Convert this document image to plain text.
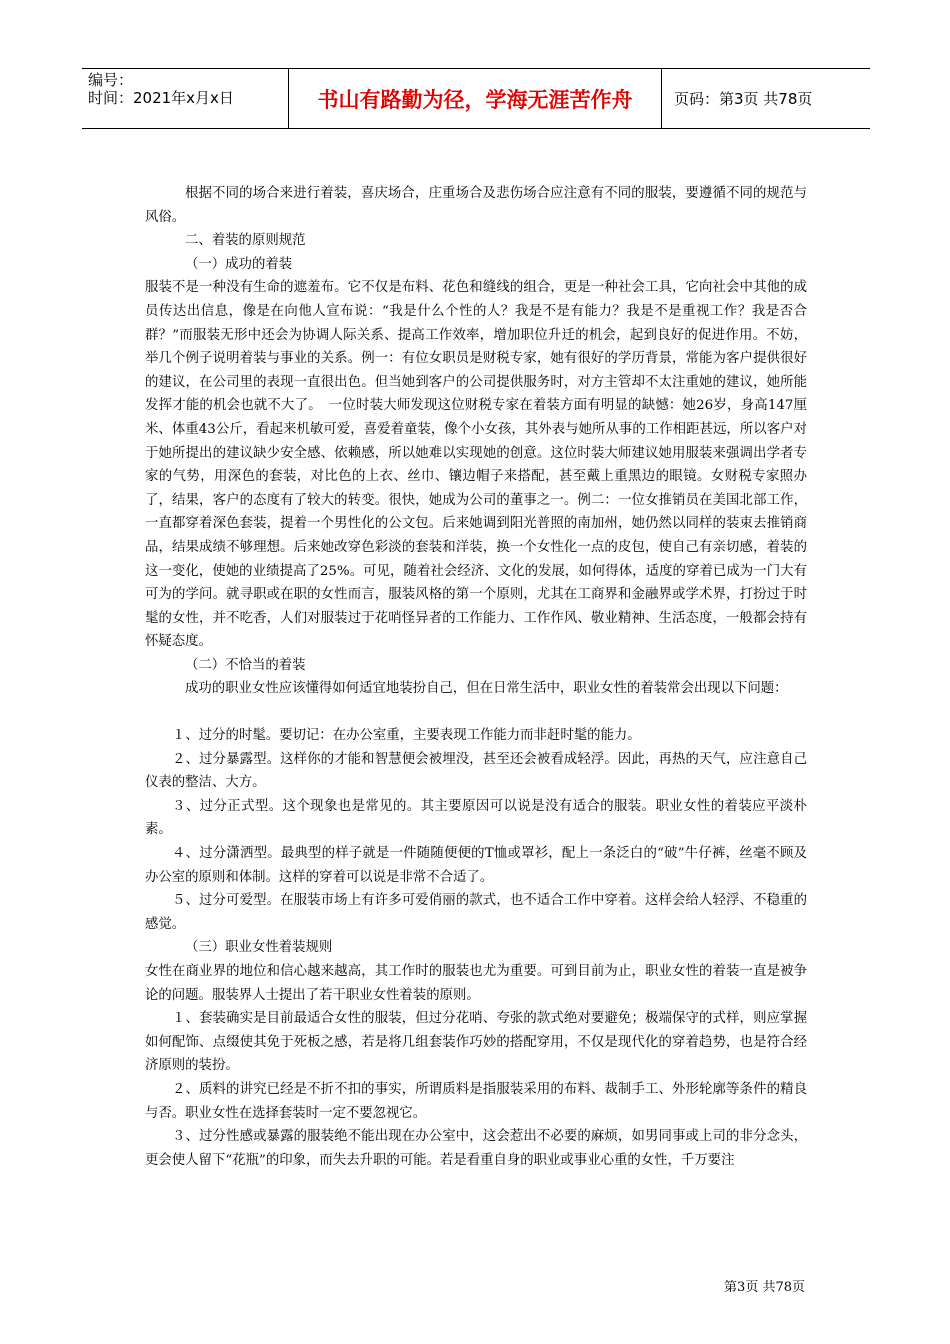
编号：
时间：2021年x月x日	书山有路勤为径，学海无涯苦作舟	页码：第3页 共78页

根据不同的场合来进行着装，喜庆场合，庄重场合及悲伤场合应注意有不同的服装，要遵循不同的规范与风俗。

二、着装的原则规范

（一）成功的着装

服装不是一种没有生命的遮羞布。它不仅是布料、花色和缝线的组合，更是一种社会工具，它向社会中其他的成员传达出信息，像是在向他人宣布说：“我是什么个性的人？我是不是有能力？我是不是重视工作？我是否合群？”而服装无形中还会为协调人际关系、提高工作效率，增加职位升迁的机会，起到良好的促进作用。不妨，举几个例子说明着装与事业的关系。例一：有位女职员是财税专家，她有很好的学历背景，常能为客户提供很好的建议，在公司里的表现一直很出色。但当她到客户的公司提供服务时，对方主管却不太注重她的建议，她所能发挥才能的机会也就不大了。　一位时装大师发现这位财税专家在着装方面有明显的缺憾：她26岁，身高147厘米、体重43公斤，看起来机敏可爱，喜爱着童装，像个小女孩，其外表与她所从事的工作相距甚远，所以客户对于她所提出的建议缺少安全感、依赖感，所以她难以实现她的创意。这位时装大师建议她用服装来强调出学者专家的气势，用深色的套装，对比色的上衣、丝巾、镶边帽子来搭配，甚至戴上重黑边的眼镜。女财税专家照办了，结果，客户的态度有了较大的转变。很快，她成为公司的董事之一。例二：一位女推销员在美国北部工作，一直都穿着深色套装，提着一个男性化的公文包。后来她调到阳光普照的南加州，她仍然以同样的装束去推销商品，结果成绩不够理想。后来她改穿色彩淡的套装和洋装，换一个女性化一点的皮包，使自己有亲切感，着装的这一变化，使她的业绩提高了25%。可见，随着社会经济、文化的发展，如何得体，适度的穿着已成为一门大有可为的学问。就寻职或在职的女性而言，服装风格的第一个原则，尤其在工商界和金融界或学术界，打扮过于时髦的女性，并不吃香，人们对服装过于花哨怪异者的工作能力、工作作风、敬业精神、生活态度，一般都会持有怀疑态度。

（二）不恰当的着装

成功的职业女性应该懂得如何适宜地装扮自己，但在日常生活中，职业女性的着装常会出现以下问题：

１、过分的时髦。要切记：在办公室重，主要表现工作能力而非赶时髦的能力。

２、过分暴露型。这样你的才能和智慧便会被埋没，甚至还会被看成轻浮。因此，再热的天气，应注意自己仪表的整洁、大方。

３、过分正式型。这个现象也是常见的。其主要原因可以说是没有适合的服装。职业女性的着装应平淡朴素。

４、过分潇洒型。最典型的样子就是一件随随便便的T恤或罩衫，配上一条泛白的“破”牛仔裤，丝毫不顾及办公室的原则和体制。这样的穿着可以说是非常不合适了。

５、过分可爱型。在服装市场上有许多可爱俏丽的款式，也不适合工作中穿着。这样会给人轻浮、不稳重的感觉。

（三）职业女性着装规则

女性在商业界的地位和信心越来越高，其工作时的服装也尤为重要。可到目前为止，职业女性的着装一直是被争论的问题。服装界人士提出了若干职业女性着装的原则。

１、套装确实是目前最适合女性的服装，但过分花哨、夸张的款式绝对要避免；极端保守的式样，则应掌握如何配饰、点缀使其免于死板之感，若是将几组套装作巧妙的搭配穿用，不仅是现代化的穿着趋势，也是符合经济原则的装扮。

２、质料的讲究已经是不折不扣的事实，所谓质料是指服装采用的布料、裁制手工、外形轮廓等条件的精良与否。职业女性在选择套装时一定不要忽视它。

３、过分性感或暴露的服装绝不能出现在办公室中，这会惹出不必要的麻烦，如男同事或上司的非分念头，更会使人留下“花瓶”的印象，而失去升职的可能。若是看重自身的职业或事业心重的女性，千万要注

第3页 共78页
